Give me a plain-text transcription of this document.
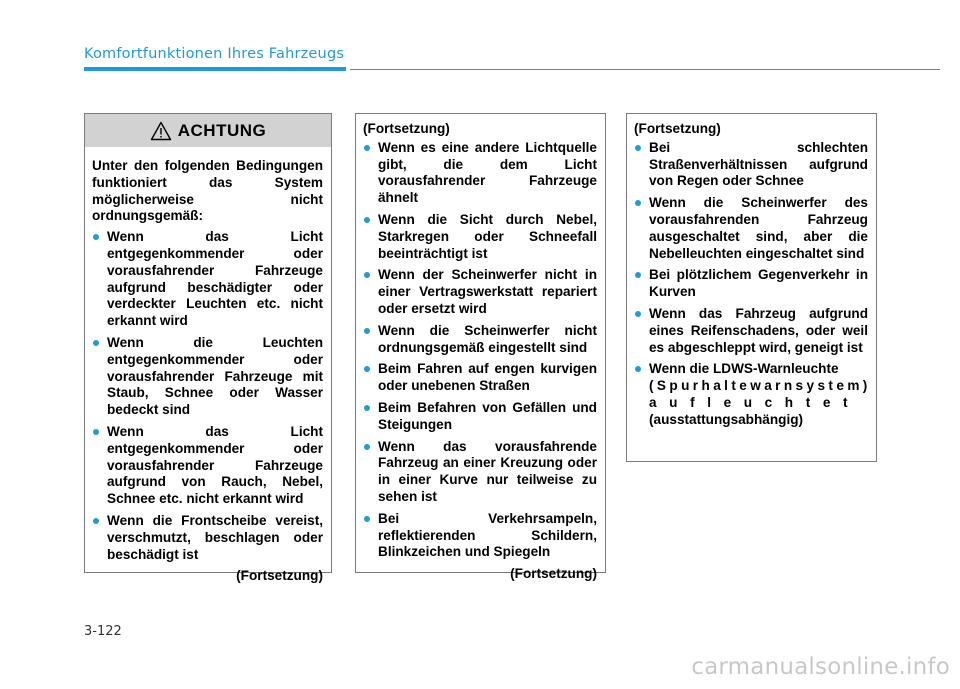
Komfortfunktionen Ihres Fahrzeugs
ACHTUNG

Unter den folgenden Bedingungen funktioniert das System möglicherweise nicht ordnungsgemäß:

Wenn das Licht entgegenkommender oder vorausfahrender Fahrzeuge aufgrund beschädigter oder verdeckter Leuchten etc. nicht erkannt wird
Wenn die Leuchten entgegenkommender oder vorausfahrender Fahrzeuge mit Staub, Schnee oder Wasser bedeckt sind
Wenn das Licht entgegenkommender oder vorausfahrender Fahrzeuge aufgrund von Rauch, Nebel, Schnee etc. nicht erkannt wird
Wenn die Frontscheibe vereist, verschmutzt, beschlagen oder beschädigt ist
(Fortsetzung)
(Fortsetzung)
Wenn es eine andere Lichtquelle gibt, die dem Licht vorausfahrender Fahrzeuge ähnelt
Wenn die Sicht durch Nebel, Starkregen oder Schneefall beeinträchtigt ist
Wenn der Scheinwerfer nicht in einer Vertragswerkstatt repariert oder ersetzt wird
Wenn die Scheinwerfer nicht ordnungsgemäß eingestellt sind
Beim Fahren auf engen kurvigen oder unebenen Straßen
Beim Befahren von Gefällen und Steigungen
Wenn das vorausfahrende Fahrzeug an einer Kreuzung oder in einer Kurve nur teilweise zu sehen ist
Bei Verkehrsampeln, reflektierenden Schildern, Blinkzeichen und Spiegeln
(Fortsetzung)
(Fortsetzung)
Bei schlechten Straßenverhältnissen aufgrund von Regen oder Schnee
Wenn die Scheinwerfer des vorausfahrenden Fahrzeug ausgeschaltet sind, aber die Nebelleuchten eingeschaltet sind
Bei plötzlichem Gegenverkehr in Kurven
Wenn das Fahrzeug aufgrund eines Reifenschadens, oder weil es abgeschleppt wird, geneigt ist
Wenn die LDWS-Warnleuchte
(Spurhaltewarnsystem)
aufleuchtet
(ausstattungsabhängig)
3-122
carmanualsonline.info
